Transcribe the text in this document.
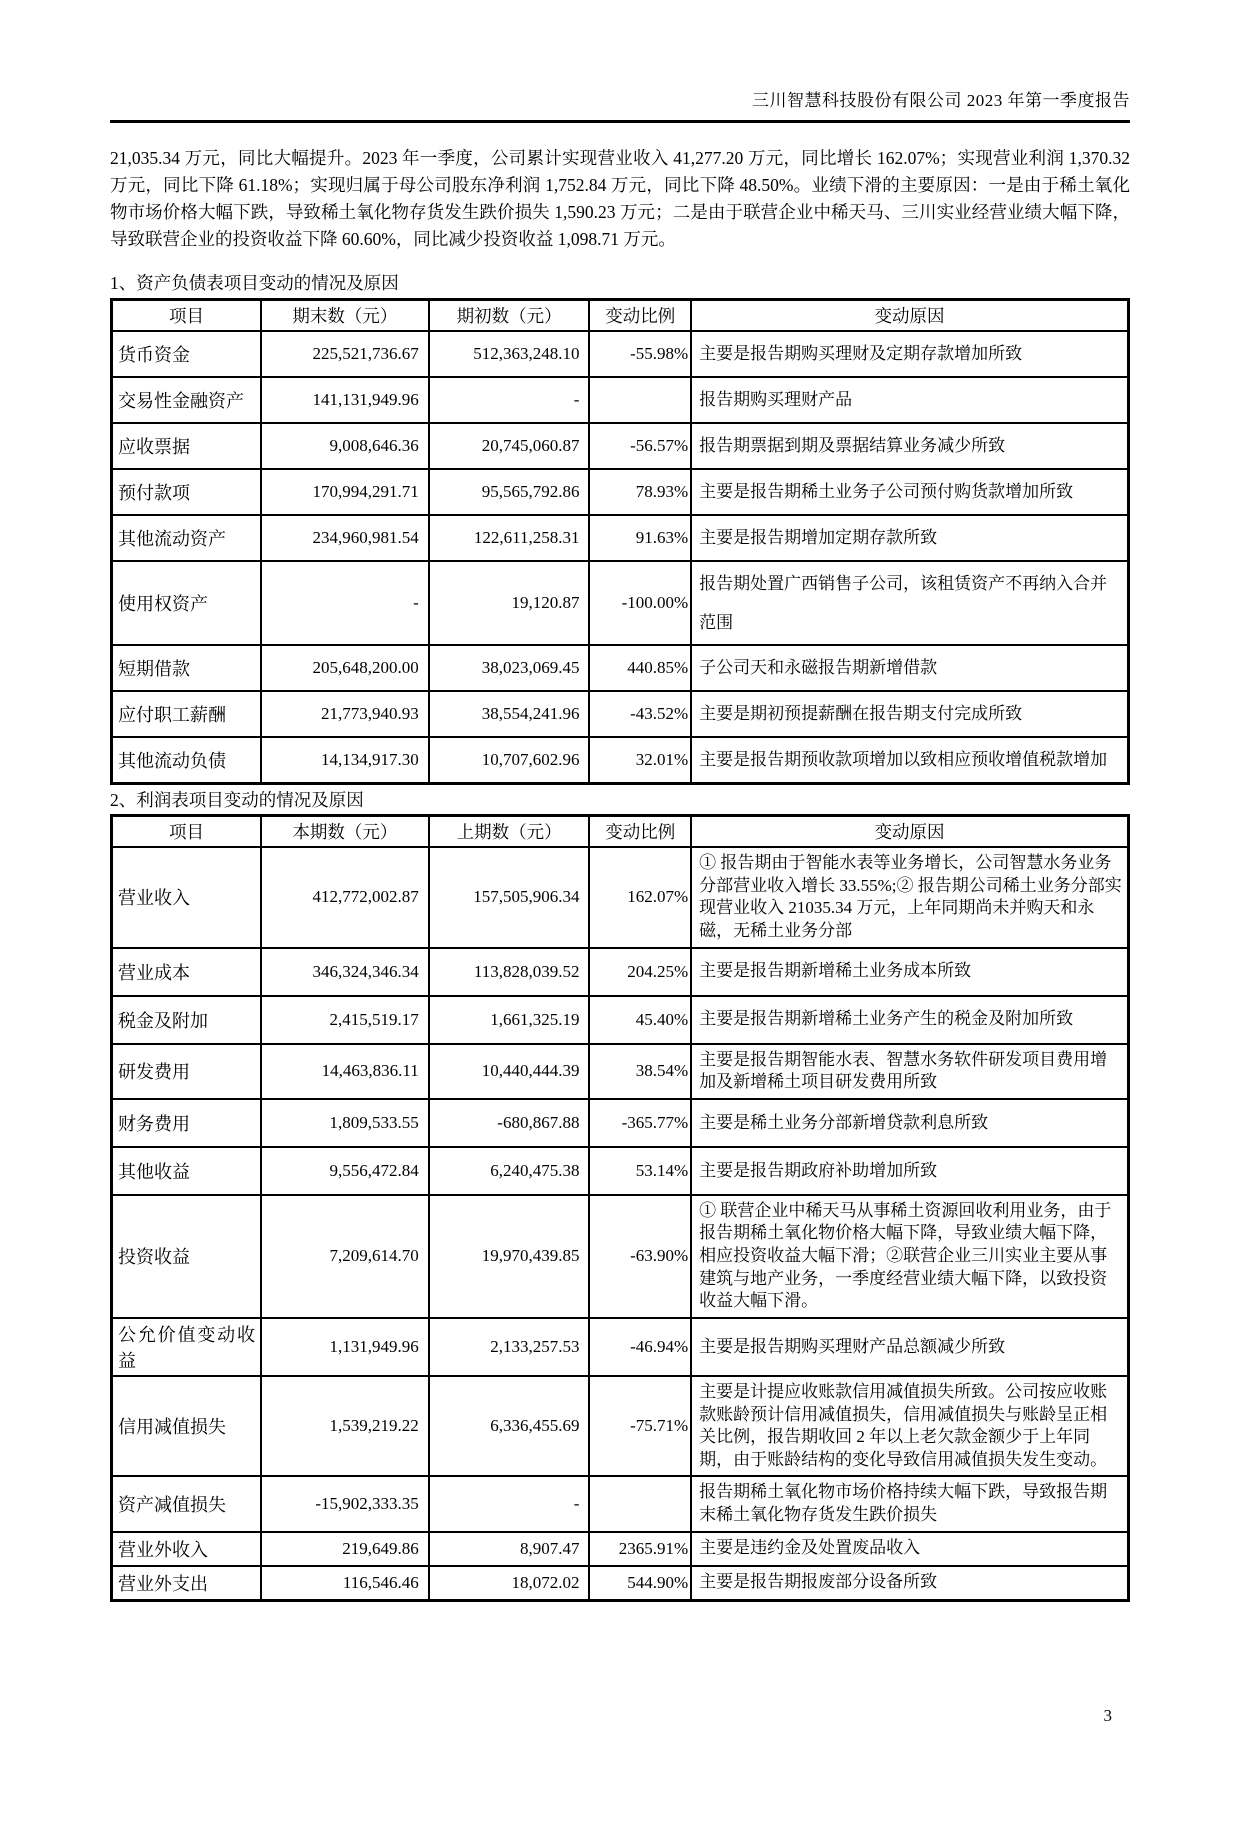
三川智慧科技股份有限公司 2023 年第一季度报告

21,035.34 万元，同比大幅提升。2023 年一季度，公司累计实现营业收入 41,277.20 万元，同比增长 162.07%；实现营业利润 1,370.32 万元，同比下降 61.18%；实现归属于母公司股东净利润 1,752.84 万元，同比下降 48.50%。业绩下滑的主要原因：一是由于稀土氧化物市场价格大幅下跌，导致稀土氧化物存货发生跌价损失 1,590.23 万元；二是由于联营企业中稀天马、三川实业经营业绩大幅下降，导致联营企业的投资收益下降 60.60%，同比减少投资收益 1,098.71 万元。

1、资产负债表项目变动的情况及原因
项目	期末数（元）	期初数（元）	变动比例	变动原因
货币资金	225,521,736.67	512,363,248.10	-55.98%	主要是报告期购买理财及定期存款增加所致
交易性金融资产	141,131,949.96	-		报告期购买理财产品
应收票据	9,008,646.36	20,745,060.87	-56.57%	报告期票据到期及票据结算业务减少所致
预付款项	170,994,291.71	95,565,792.86	78.93%	主要是报告期稀土业务子公司预付购货款增加所致
其他流动资产	234,960,981.54	122,611,258.31	91.63%	主要是报告期增加定期存款所致
使用权资产	-	19,120.87	-100.00%	报告期处置广西销售子公司，该租赁资产不再纳入合并范围
短期借款	205,648,200.00	38,023,069.45	440.85%	子公司天和永磁报告期新增借款
应付职工薪酬	21,773,940.93	38,554,241.96	-43.52%	主要是期初预提薪酬在报告期支付完成所致
其他流动负债	14,134,917.30	10,707,602.96	32.01%	主要是报告期预收款项增加以致相应预收增值税款增加
2、利润表项目变动的情况及原因
项目	本期数（元）	上期数（元）	变动比例	变动原因
营业收入	412,772,002.87	157,505,906.34	162.07%	① 报告期由于智能水表等业务增长，公司智慧水务业务分部营业收入增长 33.55%;② 报告期公司稀土业务分部实现营业收入 21035.34 万元，上年同期尚未并购天和永磁，无稀土业务分部
营业成本	346,324,346.34	113,828,039.52	204.25%	主要是报告期新增稀土业务成本所致
税金及附加	2,415,519.17	1,661,325.19	45.40%	主要是报告期新增稀土业务产生的税金及附加所致
研发费用	14,463,836.11	10,440,444.39	38.54%	主要是报告期智能水表、智慧水务软件研发项目费用增加及新增稀土项目研发费用所致
财务费用	1,809,533.55	-680,867.88	-365.77%	主要是稀土业务分部新增贷款利息所致
其他收益	9,556,472.84	6,240,475.38	53.14%	主要是报告期政府补助增加所致
投资收益	7,209,614.70	19,970,439.85	-63.90%	① 联营企业中稀天马从事稀土资源回收利用业务，由于报告期稀土氧化物价格大幅下降，导致业绩大幅下降，相应投资收益大幅下滑；②联营企业三川实业主要从事建筑与地产业务，一季度经营业绩大幅下降，以致投资收益大幅下滑。
公允价值变动收益	1,131,949.96	2,133,257.53	-46.94%	主要是报告期购买理财产品总额减少所致
信用减值损失	1,539,219.22	6,336,455.69	-75.71%	主要是计提应收账款信用减值损失所致。公司按应收账款账龄预计信用减值损失，信用减值损失与账龄呈正相关比例，报告期收回 2 年以上老欠款金额少于上年同期，由于账龄结构的变化导致信用减值损失发生变动。
资产减值损失	-15,902,333.35	-		报告期稀土氧化物市场价格持续大幅下跌，导致报告期末稀土氧化物存货发生跌价损失
营业外收入	219,649.86	8,907.47	2365.91%	主要是违约金及处置废品收入
营业外支出	116,546.46	18,072.02	544.90%	主要是报告期报废部分设备所致
3
